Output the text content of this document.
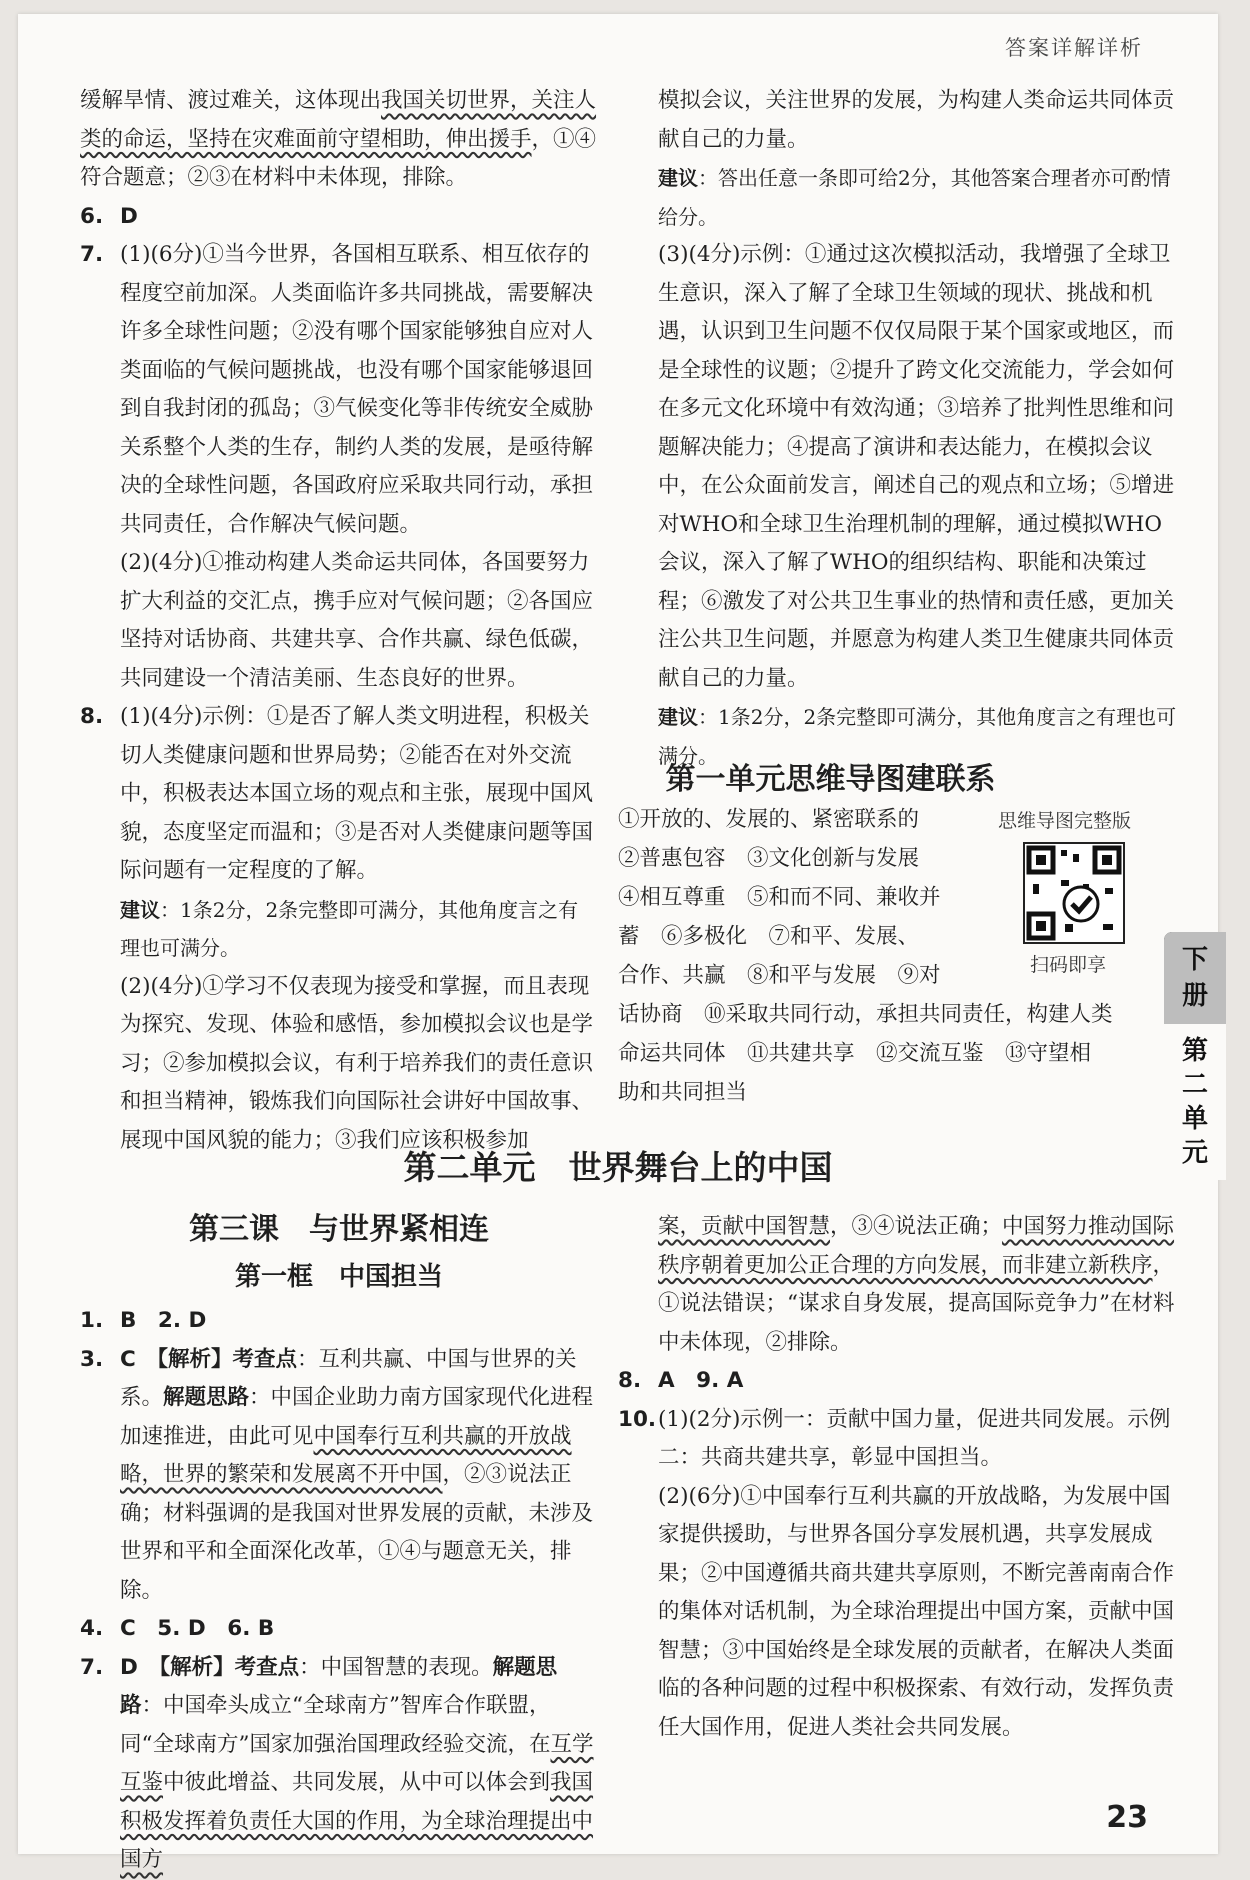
答案详解详析

缓解旱情、渡过难关，这体现出我国关切世界，关注人类的命运，坚持在灾难面前守望相助，伸出援手，①④符合题意；②③在材料中未体现，排除。

6. D

7. (1)(6分)①当今世界，各国相互联系、相互依存的程度空前加深。人类面临许多共同挑战，需要解决许多全球性问题；②没有哪个国家能够独自应对人类面临的气候问题挑战，也没有哪个国家能够退回到自我封闭的孤岛；③气候变化等非传统安全威胁关系整个人类的生存，制约人类的发展，是亟待解决的全球性问题，各国政府应采取共同行动，承担共同责任，合作解决气候问题。

(2)(4分)①推动构建人类命运共同体，各国要努力扩大利益的交汇点，携手应对气候问题；②各国应坚持对话协商、共建共享、合作共赢、绿色低碳，共同建设一个清洁美丽、生态良好的世界。

8. (1)(4分)示例：①是否了解人类文明进程，积极关切人类健康问题和世界局势；②能否在对外交流中，积极表达本国立场的观点和主张，展现中国风貌，态度坚定而温和；③是否对人类健康问题等国际问题有一定程度的了解。

建议：1条2分，2条完整即可满分，其他角度言之有理也可满分。

(2)(4分)①学习不仅表现为接受和掌握，而且表现为探究、发现、体验和感悟，参加模拟会议也是学习；②参加模拟会议，有利于培养我们的责任意识和担当精神，锻炼我们向国际社会讲好中国故事、展现中国风貌的能力；③我们应该积极参加

模拟会议，关注世界的发展，为构建人类命运共同体贡献自己的力量。

建议：答出任意一条即可给2分，其他答案合理者亦可酌情给分。

(3)(4分)示例：①通过这次模拟活动，我增强了全球卫生意识，深入了解了全球卫生领域的现状、挑战和机遇，认识到卫生问题不仅仅局限于某个国家或地区，而是全球性的议题；②提升了跨文化交流能力，学会如何在多元文化环境中有效沟通；③培养了批判性思维和问题解决能力；④提高了演讲和表达能力，在模拟会议中，在公众面前发言，阐述自己的观点和立场；⑤增进对WHO和全球卫生治理机制的理解，通过模拟WHO会议，深入了解了WHO的组织结构、职能和决策过程；⑥激发了对公共卫生事业的热情和责任感，更加关注公共卫生问题，并愿意为构建人类卫生健康共同体贡献自己的力量。

建议：1条2分，2条完整即可满分，其他角度言之有理也可满分。

第一单元思维导图建联系
①开放的、发展的、紧密联系的
②普惠包容　③文化创新与发展
④相互尊重　⑤和而不同、兼收并
蓄　⑥多极化　⑦和平、发展、
合作、共赢　⑧和平与发展　⑨对
话协商　⑩采取共同行动，承担共同责任，构建人类
命运共同体　⑪共建共享　⑫交流互鉴　⑬守望相
助和共同担当
思维导图完整版
扫码即享	下
册
第
二
单
元
第二单元　世界舞台上的中国
第三课　与世界紧相连
第一框　中国担当

1. B　2. D

3. C　【解析】考查点：互利共赢、中国与世界的关系。解题思路：中国企业助力南方国家现代化进程加速推进，由此可见中国奉行互利共赢的开放战略，世界的繁荣和发展离不开中国，②③说法正确；材料强调的是我国对世界发展的贡献，未涉及世界和平和全面深化改革，①④与题意无关，排除。

4. C　5. D　6. B

7. D　【解析】考查点：中国智慧的表现。解题思路：中国牵头成立“全球南方”智库合作联盟，同“全球南方”国家加强治国理政经验交流，在互学互鉴中彼此增益、共同发展，从中可以体会到我国积极发挥着负责任大国的作用，为全球治理提出中国方

案，贡献中国智慧，③④说法正确；中国努力推动国际秩序朝着更加公正合理的方向发展，而非建立新秩序，①说法错误；“谋求自身发展，提高国际竞争力”在材料中未体现，②排除。

8. A　9. A

10.(1)(2分)示例一：贡献中国力量，促进共同发展。示例二：共商共建共享，彰显中国担当。

(2)(6分)①中国奉行互利共赢的开放战略，为发展中国家提供援助，与世界各国分享发展机遇，共享发展成果；②中国遵循共商共建共享原则，不断完善南南合作的集体对话机制，为全球治理提出中国方案，贡献中国智慧；③中国始终是全球发展的贡献者，在解决人类面临的各种问题的过程中积极探索、有效行动，发挥负责任大国作用，促进人类社会共同发展。

23
